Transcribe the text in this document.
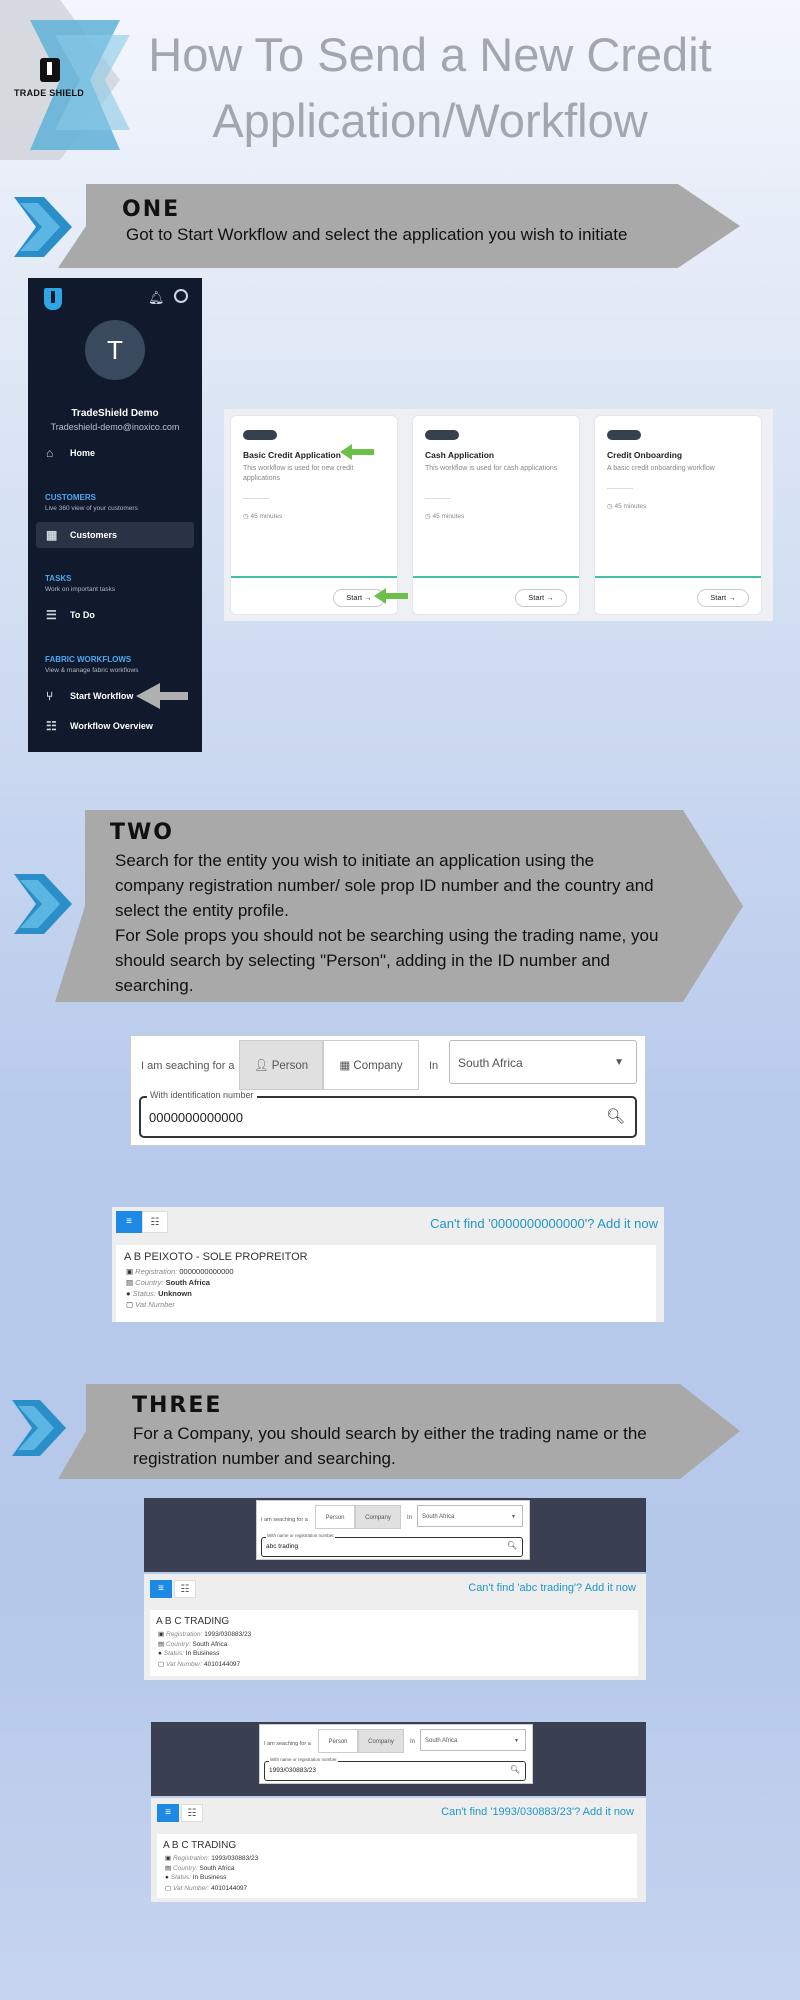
TRADE SHIELD
How To Send a New Credit
Application/Workflow
ONE
Got to Start Workflow and select the application you wish to initiate
🔔︎
T
TradeShield Demo
Tradeshield-demo@inoxico.com
⌂ Home
CUSTOMERS
Live 360 view of your customers
▦ Customers
TASKS
Work on important tasks
☰ To Do
FABRIC WORKFLOWS
View & manage fabric workflows
⑂ Start Workflow
☷ Workflow Overview
Basic Credit Application
This workflow is used for new credit applications
◷ 45 minutes
Start →
Cash Application
This workflow is used for cash applications
◷ 45 minutes
Start →
Credit Onboarding
A basic credit onboarding workflow
◷ 45 minutes
Start →
TWO
Search for the entity you wish to initiate an application using the
company registration number/ sole prop ID number and the country and
select the entity profile.
For Sole props you should not be searching using the trading name, you
should search by selecting "Person", adding in the ID number and
searching.
I am seaching for a	👤︎ Person	▦ Company	In	South Africa	▼
With identification number
0000000000000	🔍︎
≡	☷	Can't find '0000000000000'? Add it now
A B PEIXOTO - SOLE PROPREITOR
▣ Registration: 0000000000000
▤ Country: South Africa
● Status: Unknown
▢ Vat Number
THREE
For a Company, you should search by either the trading name or the
registration number and searching.
I am seaching for a	Person	Company	In	South Africa	▼
With name or registration number
abc trading	🔍︎
≡	☷	Can't find 'abc trading'? Add it now
A B C TRADING
▣ Registration: 1993/030883/23
▤ Country: South Africa
● Status: In Business
▢ Vat Number: 4010144097
I am seaching for a	Person	Company	In	South Africa	▼
With name or registration number
1993/030883/23	🔍︎
≡	☷	Can't find '1993/030883/23'? Add it now
A B C TRADING
▣ Registration: 1993/030883/23
▤ Country: South Africa
● Status: In Business
▢ Vat Number: 4010144097
